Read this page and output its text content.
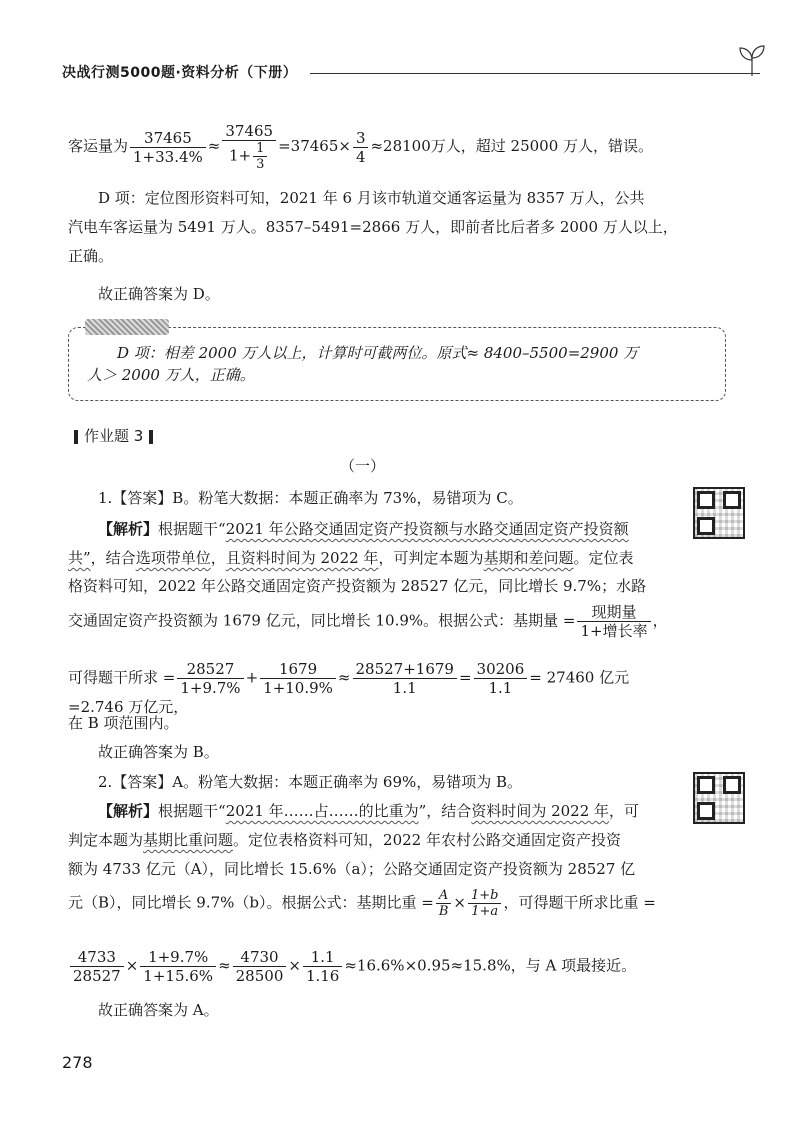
决战行测5000题·资料分析（下册）
客运量为 $\frac{37465}{1+33.4\%} \approx \frac{37465}{1+ \frac{1}{3}} =37465\times \frac{3}{4} \approx 28100$万人，超过 25000 万人，错误。
D 项：定位图形资料可知，2021 年 6 月该市轨道交通客运量为 8357 万人，公共
汽电车客运量为 5491 万人。8357–5491=2866 万人，即前者比后者多 2000 万人以上，
正确。
故正确答案为 D。
D 项：相差 2000 万人以上，计算时可截两位。原式≈ 8400–5500=2900 万
人＞ 2000 万人，正确。
作业题 3
（一）
1.【答案】B。粉笔大数据：本题正确率为 73%，易错项为 C。
【解析】根据题干“2021 年公路交通固定资产投资额与水路交通固定资产投资额
共”，结合选项带单位，且资料时间为 2022 年，可判定本题为基期和差问题。定位表
格资料可知，2022 年公路交通固定资产投资额为 28527 亿元，同比增长 9.7%；水路
交通固定资产投资额为 1679 亿元，同比增长 10.9%。根据公式：基期量 = $\frac{\text{现期量}}{\text{1+增长率}}$ ，
可得题干所求 = $\frac{28527}{1+9.7\%} + \frac{1679}{1+10.9\%} \approx \frac{28527+1679}{1.1} = \frac{30206}{1.1} = 27460$ 亿元 =2.746 万亿元，
在 B 项范围内。
故正确答案为 B。
2.【答案】A。粉笔大数据：本题正确率为 69%，易错项为 B。
【解析】根据题干“2021 年……占……的比重为”，结合资料时间为 2022 年，可
判定本题为基期比重问题。定位表格资料可知，2022 年农村公路交通固定资产投资
额为 4733 亿元（A），同比增长 15.6%（a）；公路交通固定资产投资额为 28527 亿
元（B），同比增长 9.7%（b）。根据公式：基期比重 = $\frac{A}{B} \times \frac{1+b}{1+a}$ ，可得题干所求比重 =
$\frac{4733}{28527} \times \frac{1+9.7\%}{1+15.6\%} \approx \frac{4730}{28500} \times \frac{1.1}{1.16} \approx 16.6\%\times 0.95\approx 15.8\%$，与 A 项最接近。
故正确答案为 A。
278
